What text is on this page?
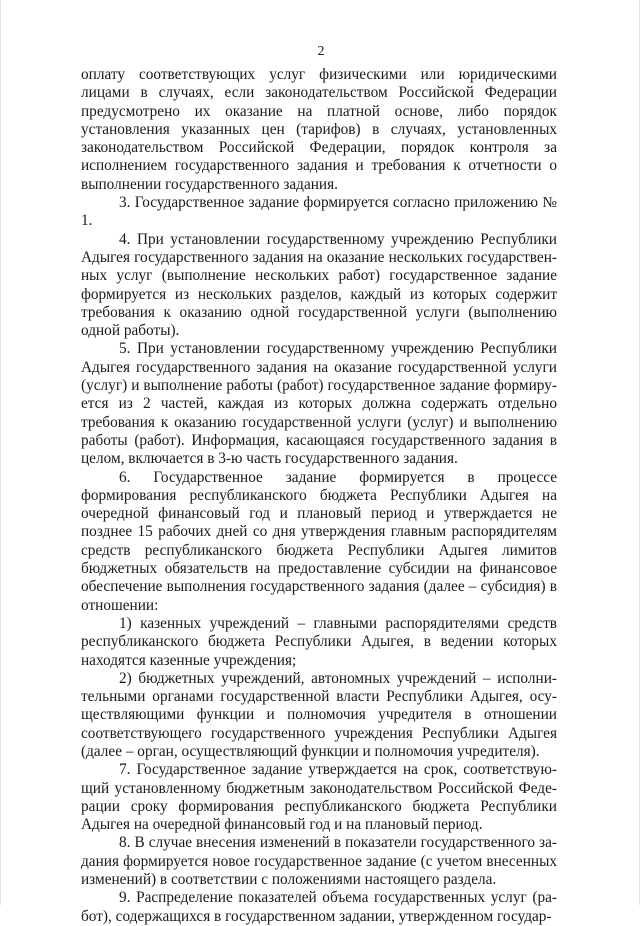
2

оплату соответствующих услуг физическими или юридическими лицами в случаях, если законодательством Российской Федерации предусмотрено их оказание на платной основе, либо порядок установления указанных цен (тарифов) в случаях, установленных законодательством Российской Федерации, порядок контроля за исполнением государственного задания и требования к отчетности о выполнении государственного задания.

3. Государственное задание формируется согласно приложению № 1.

4. При установлении государственному учреждению Республики Адыгея государственного задания на оказание нескольких государственных услуг (выполнение нескольких работ) государственное задание формируется из нескольких разделов, каждый из которых содержит требования к оказанию одной государственной услуги (выполнению одной работы).

5. При установлении государственному учреждению Республики Адыгея государственного задания на оказание государственной услуги (услуг) и выполнение работы (работ) государственное задание формируется из 2 частей, каждая из которых должна содержать отдельно требования к оказанию государственной услуги (услуг) и выполнению работы (работ). Информация, касающаяся государственного задания в целом, включается в 3-ю часть государственного задания.

6. Государственное задание формируется в процессе формирования республиканского бюджета Республики Адыгея на очередной финансовый год и плановый период и утверждается не позднее 15 рабочих дней со дня утверждения главным распорядителям средств республиканского бюджета Республики Адыгея лимитов бюджетных обязательств на предоставление субсидии на финансовое обеспечение выполнения государственного задания (далее – субсидия) в отношении:

1) казенных учреждений – главными распорядителями средств республиканского бюджета Республики Адыгея, в ведении которых находятся казенные учреждения;

2) бюджетных учреждений, автономных учреждений – исполнительными органами государственной власти Республики Адыгея, осуществляющими функции и полномочия учредителя в отношении соответствующего государственного учреждения Республики Адыгея (далее – орган, осуществляющий функции и полномочия учредителя).

7. Государственное задание утверждается на срок, соответствующий установленному бюджетным законодательством Российской Федерации сроку формирования республиканского бюджета Республики Адыгея на очередной финансовый год и на плановый период.

8. В случае внесения изменений в показатели государственного задания формируется новое государственное задание (с учетом внесенных изменений) в соответствии с положениями настоящего раздела.

9. Распределение показателей объема государственных услуг (работ), содержащихся в государственном задании, утвержденном государ-
